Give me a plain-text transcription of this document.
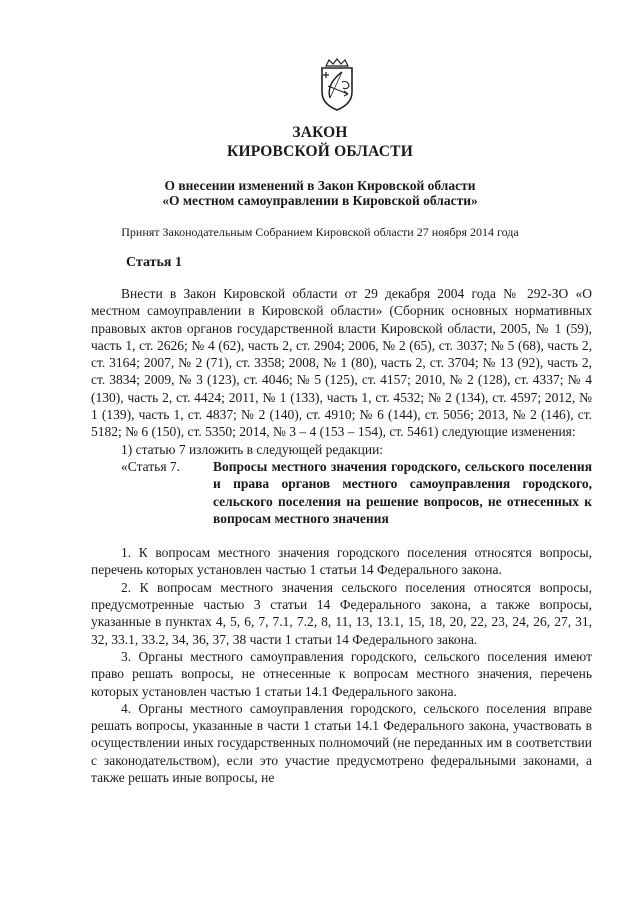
ЗАКОН
КИРОВСКОЙ ОБЛАСТИ
О внесении изменений в Закон Кировской области
«О местном самоуправлении в Кировской области»
Принят Законодательным Собранием Кировской области 27 ноября 2014 года
Статья 1

Внести в Закон Кировской области от 29 декабря 2004 года № 292-ЗО «О местном самоуправлении в Кировской области» (Сборник основных нормативных правовых актов органов государственной власти Кировской области, 2005, № 1 (59), часть 1, ст. 2626; № 4 (62), часть 2, ст. 2904; 2006, № 2 (65), ст. 3037; № 5 (68), часть 2, ст. 3164; 2007, № 2 (71), ст. 3358; 2008, № 1 (80), часть 2, ст. 3704; № 13 (92), часть 2, ст. 3834; 2009, № 3 (123), ст. 4046; № 5 (125), ст. 4157; 2010, № 2 (128), ст. 4337; № 4 (130), часть 2, ст. 4424; 2011, № 1 (133), часть 1, ст. 4532; № 2 (134), ст. 4597; 2012, № 1 (139), часть 1, ст. 4837; № 2 (140), ст. 4910; № 6 (144), ст. 5056; 2013, № 2 (146), ст. 5182; № 6 (150), ст. 5350; 2014, № 3 – 4 (153 – 154), ст. 5461) следующие изменения:

1) статью 7 изложить в следующей редакции:

«Статья 7.	Вопросы местного значения городского, сельского поселения и права органов местного самоуправления городского, сельского поселения на решение вопросов, не отнесенных к вопросам местного значения

1. К вопросам местного значения городского поселения относятся вопросы, перечень которых установлен частью 1 статьи 14 Федерального закона.

2. К вопросам местного значения сельского поселения относятся вопросы, предусмотренные частью 3 статьи 14 Федерального закона, а также вопросы, указанные в пунктах 4, 5, 6, 7, 7.1, 7.2, 8, 11, 13, 13.1, 15, 18, 20, 22, 23, 24, 26, 27, 31, 32, 33.1, 33.2, 34, 36, 37, 38 части 1 статьи 14 Федерального закона.

3. Органы местного самоуправления городского, сельского поселения имеют право решать вопросы, не отнесенные к вопросам местного значения, перечень которых установлен частью 1 статьи 14.1 Федерального закона.

4. Органы местного самоуправления городского, сельского поселения вправе решать вопросы, указанные в части 1 статьи 14.1 Федерального закона, участвовать в осуществлении иных государственных полномочий (не переданных им в соответствии с законодательством), если это участие предусмотрено федеральными законами, а также решать иные вопросы, не
